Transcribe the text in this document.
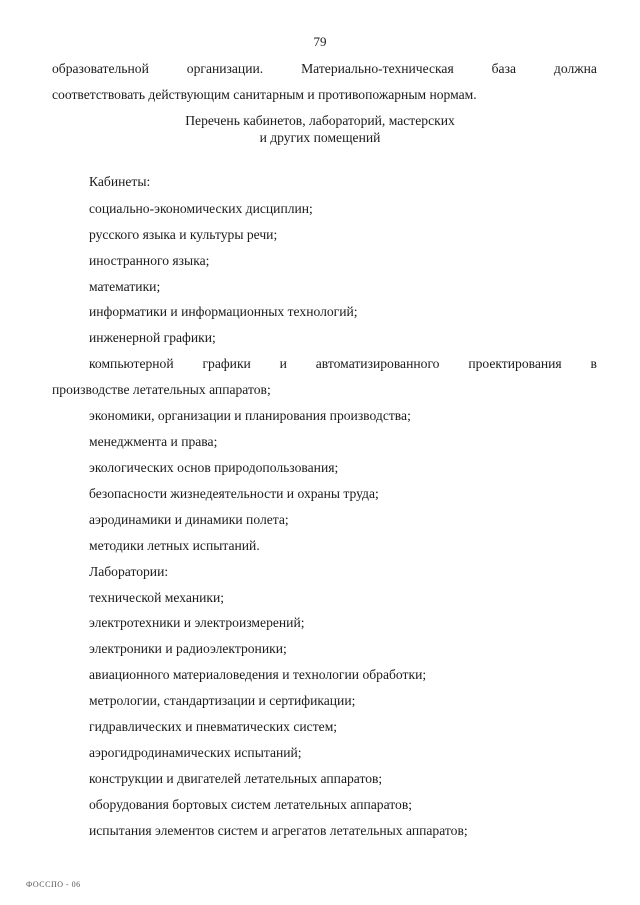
79
образовательной	организации.	Материально-техническая	база	должна
соответствовать действующим санитарным и противопожарным нормам.
Перечень кабинетов, лабораторий, мастерских
и других помещений
Кабинеты:
социально-экономических дисциплин;
русского языка и культуры речи;
иностранного языка;
математики;
информатики и информационных технологий;
инженерной графики;
компьютерной графики и автоматизированного проектирования в
производстве летательных аппаратов;
экономики, организации и планирования производства;
менеджмента и права;
экологических основ природопользования;
безопасности жизнедеятельности и охраны труда;
аэродинамики и динамики полета;
методики летных испытаний.
Лаборатории:
технической механики;
электротехники и электроизмерений;
электроники и радиоэлектроники;
авиационного материаловедения и технологии обработки;
метрологии, стандартизации и сертификации;
гидравлических и пневматических систем;
аэрогидродинамических испытаний;
конструкции и двигателей летательных аппаратов;
оборудования бортовых систем летательных аппаратов;
испытания элементов систем и агрегатов летательных аппаратов;
ФОССПО - 06
